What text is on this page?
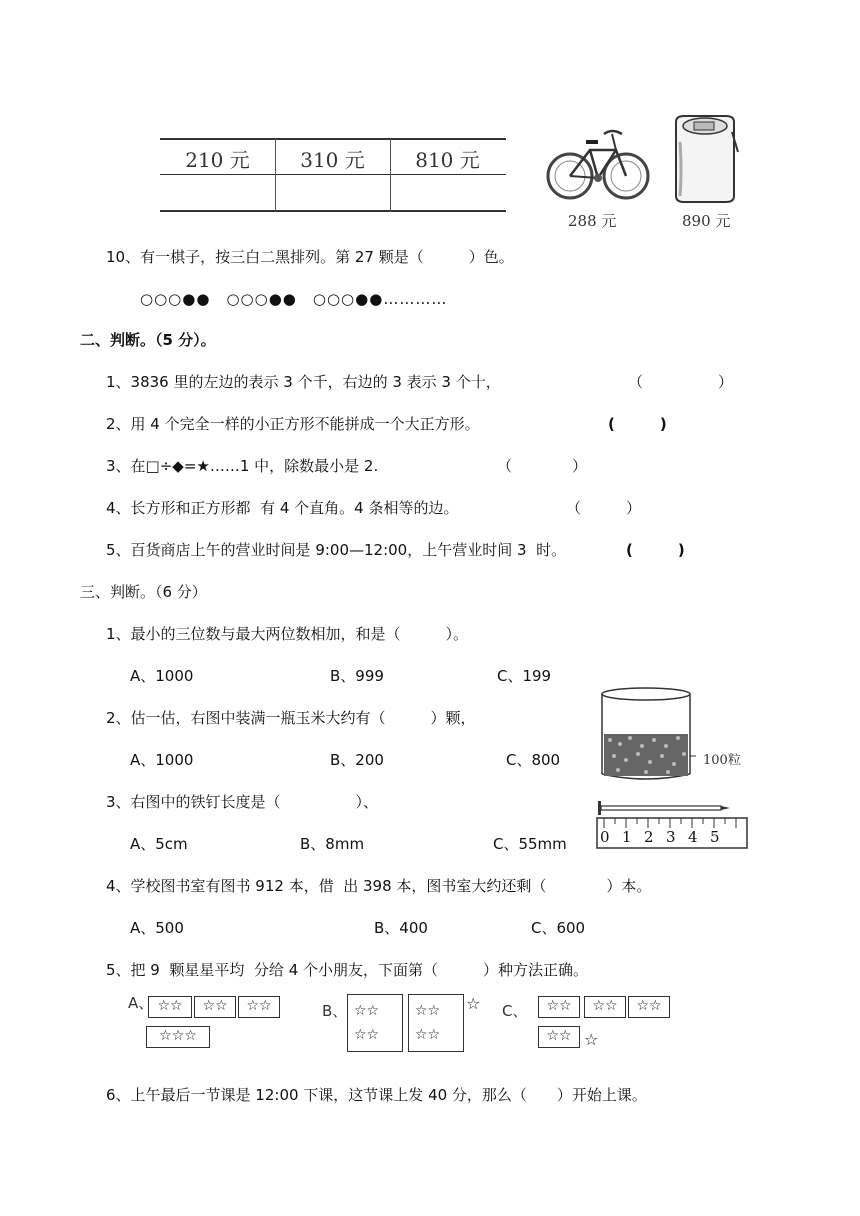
210 元	310 元	810 元
288 元	890 元
10、有一棋子，按三白二黑排列。第 27 颗是（　　　）色。
○○○●●　○○○●●　○○○●●…………
二、判断。（5 分）。
1、3836 里的左边的表示 3 个千，右边的 3 表示 3 个十，	（　　　　　）
2、用 4 个完全一样的小正方形不能拼成一个大正方形。	(　　　)
3、在□÷◆=★……1 中，除数最小是 2.	（　　　　）
4、长方形和正方形都  有 4 个直角。4 条相等的边。	（　　　）
5、百货商店上午的营业时间是 9:00—12:00，上午营业时间 3  时。	(　　　)
三、判断。（6 分）
1、最小的三位数与最大两位数相加，和是（　　　）。
A、1000	B、999	C、199
2、估一估，右图中装满一瓶玉米大约有（　　　）颗，
A、1000	B、200	C、800	100粒
3、右图中的铁钉长度是（　　　　　）、
A、5cm	B、8mm	C、55mm 0 1 2 3 4 5
4、学校图书室有图书 912 本，借  出 398 本，图书室大约还剩（　　　　）本。
A、500	B、400	C、600
5、把 9  颗星星平均  分给 4 个小朋友，下面第（　　　）种方法正确。
A、 ☆☆	☆☆	☆☆
☆☆☆
B、 ☆☆
☆☆
☆☆
☆☆
☆ C、	☆☆	☆☆	☆☆
☆☆ ☆
6、上午最后一节课是 12:00 下课，这节课上发 40 分，那么（　　）开始上课。
